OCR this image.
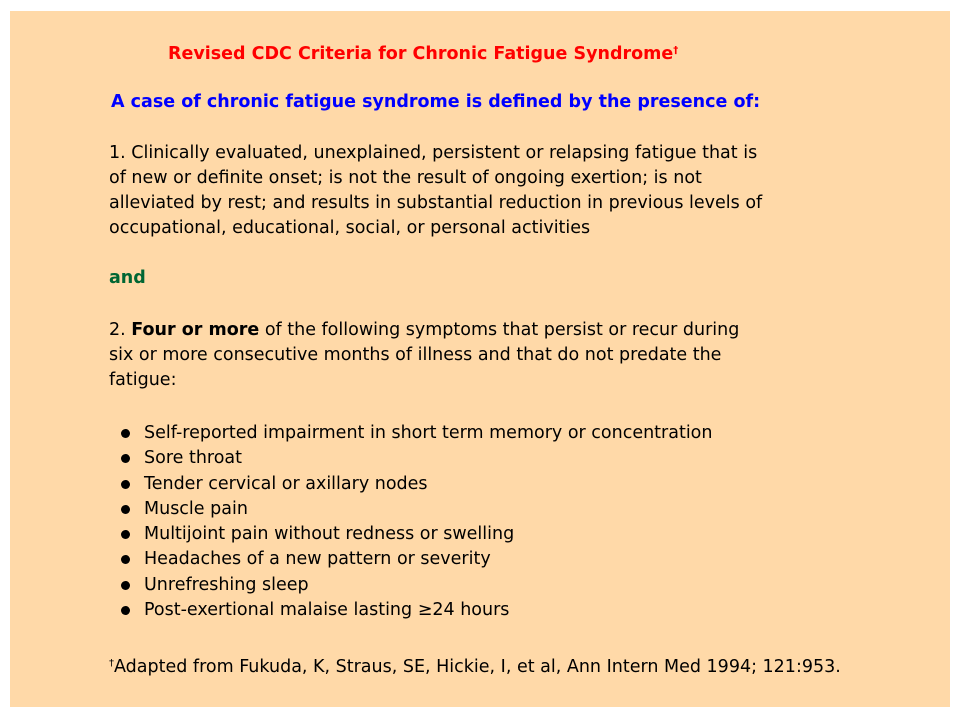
Revised CDC Criteria for Chronic Fatigue Syndrome†

A case of chronic fatigue syndrome is defined by the presence of:

1. Clinically evaluated, unexplained, persistent or relapsing fatigue that is of new or definite onset; is not the result of ongoing exertion; is not alleviated by rest; and results in substantial reduction in previous levels of occupational, educational, social, or personal activities

and

2. Four or more of the following symptoms that persist or recur during six or more consecutive months of illness and that do not predate the fatigue:

Self-reported impairment in short term memory or concentration
Sore throat
Tender cervical or axillary nodes
Muscle pain
Multijoint pain without redness or swelling
Headaches of a new pattern or severity
Unrefreshing sleep
Post-exertional malaise lasting ≥24 hours

†Adapted from Fukuda, K, Straus, SE, Hickie, I, et al, Ann Intern Med 1994; 121:953.
